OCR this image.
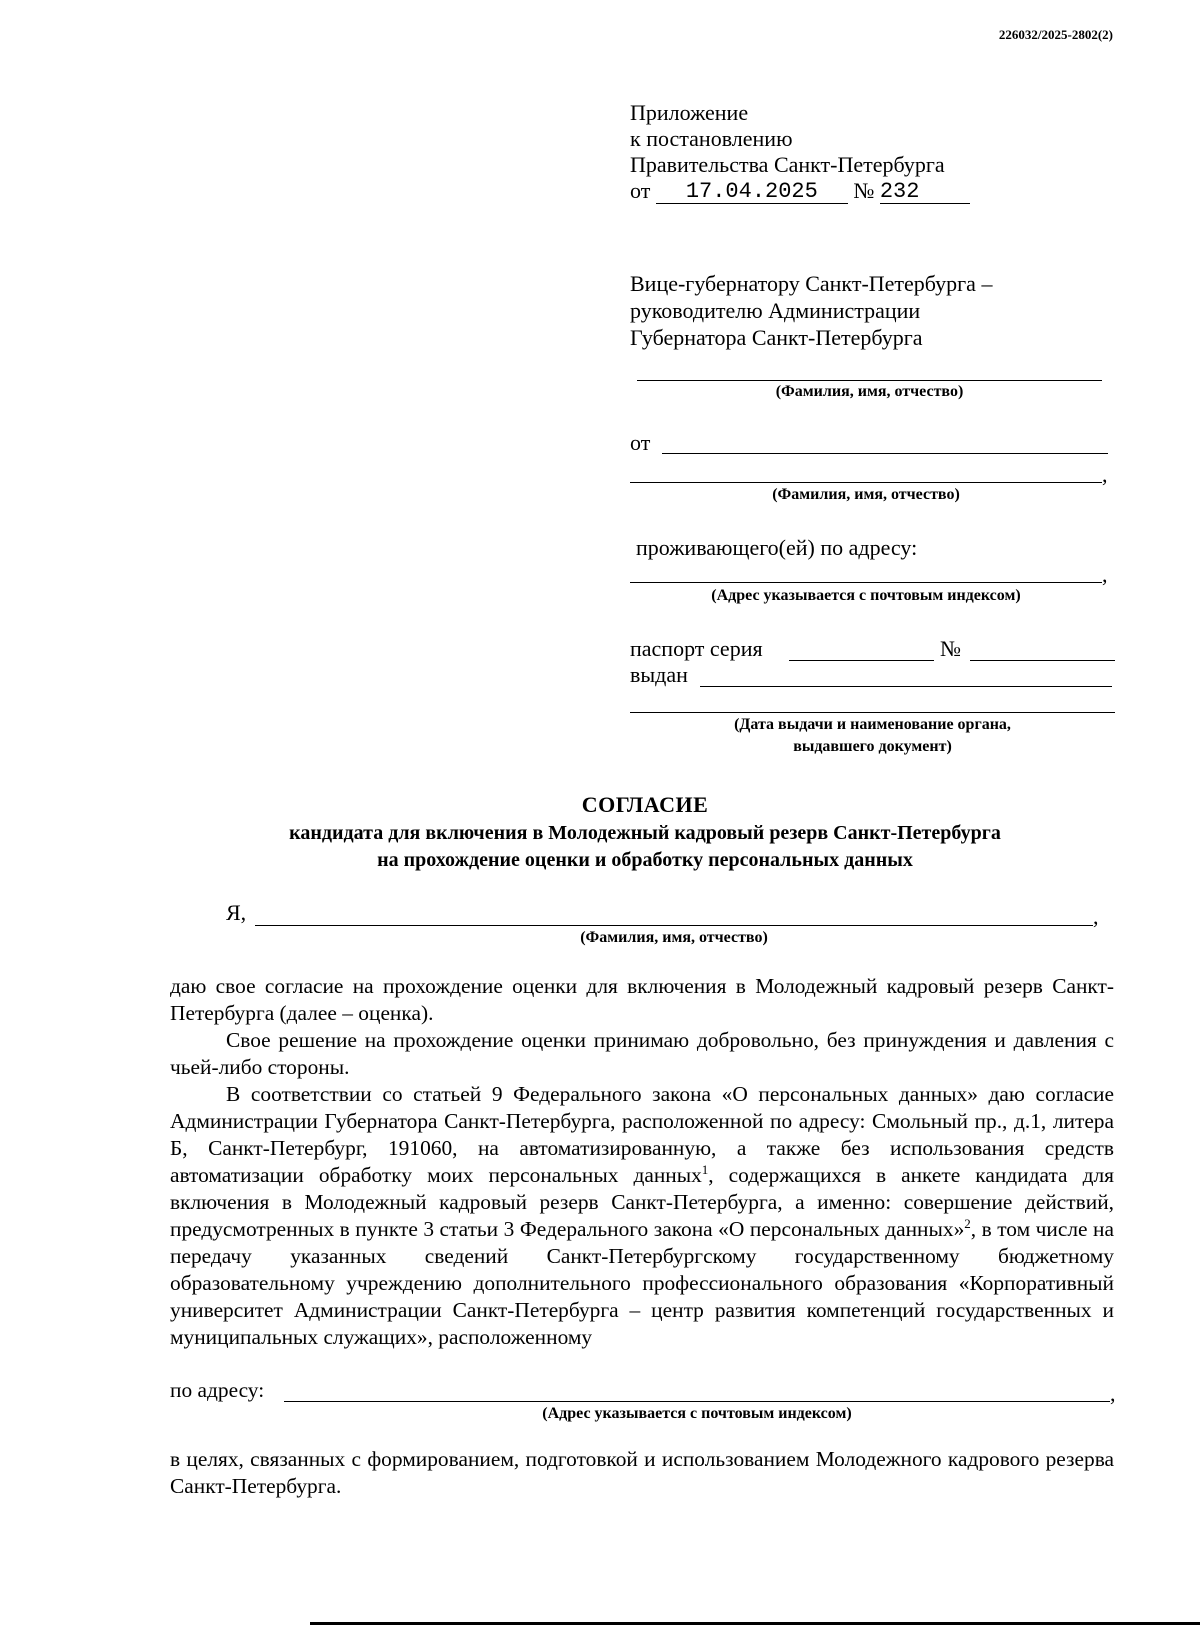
226032/2025-2802(2)
Приложение
к постановлению
Правительства Санкт-Петербурга
от 17.04.2025 № 232
Вице-губернатору Санкт-Петербурга –
руководителю Администрации
Губернатора Санкт-Петербурга
(Фамилия, имя, отчество)
от
,
(Фамилия, имя, отчество)
проживающего(ей) по адресу:
,
(Адрес указывается с почтовым индексом)
паспорт серия	№
выдан
(Дата выдачи и наименование органа,
выдавшего документ)
СОГЛАСИЕ
кандидата для включения в Молодежный кадровый резерв Санкт-Петербурга
на прохождение оценки и обработку персональных данных
Я,	,
(Фамилия, имя, отчество)
даю свое согласие на прохождение оценки для включения в Молодежный кадровый резерв Санкт-Петербурга (далее – оценка).
Свое решение на прохождение оценки принимаю добровольно, без принуждения и давления с чьей-либо стороны.
В соответствии со статьей 9 Федерального закона «О персональных данных» даю согласие Администрации Губернатора Санкт-Петербурга, расположенной по адресу: Смольный пр., д.1, литера Б, Санкт-Петербург, 191060, на автоматизированную, а также без использования средств автоматизации обработку моих персональных данных$^1$, содержащихся в анкете кандидата для включения в Молодежный кадровый резерв Санкт-Петербурга, а именно: совершение действий, предусмотренных в пункте 3 статьи 3 Федерального закона «О персональных данных»$^2$, в том числе на передачу указанных сведений Санкт-Петербургскому государственному бюджетному образовательному учреждению дополнительного профессионального образования «Корпоративный университет Администрации Санкт-Петербурга – центр развития компетенций государственных и муниципальных служащих», расположенному
по адресу:	,
(Адрес указывается с почтовым индексом)
в целях, связанных с формированием, подготовкой и использованием Молодежного кадрового резерва Санкт-Петербурга.
